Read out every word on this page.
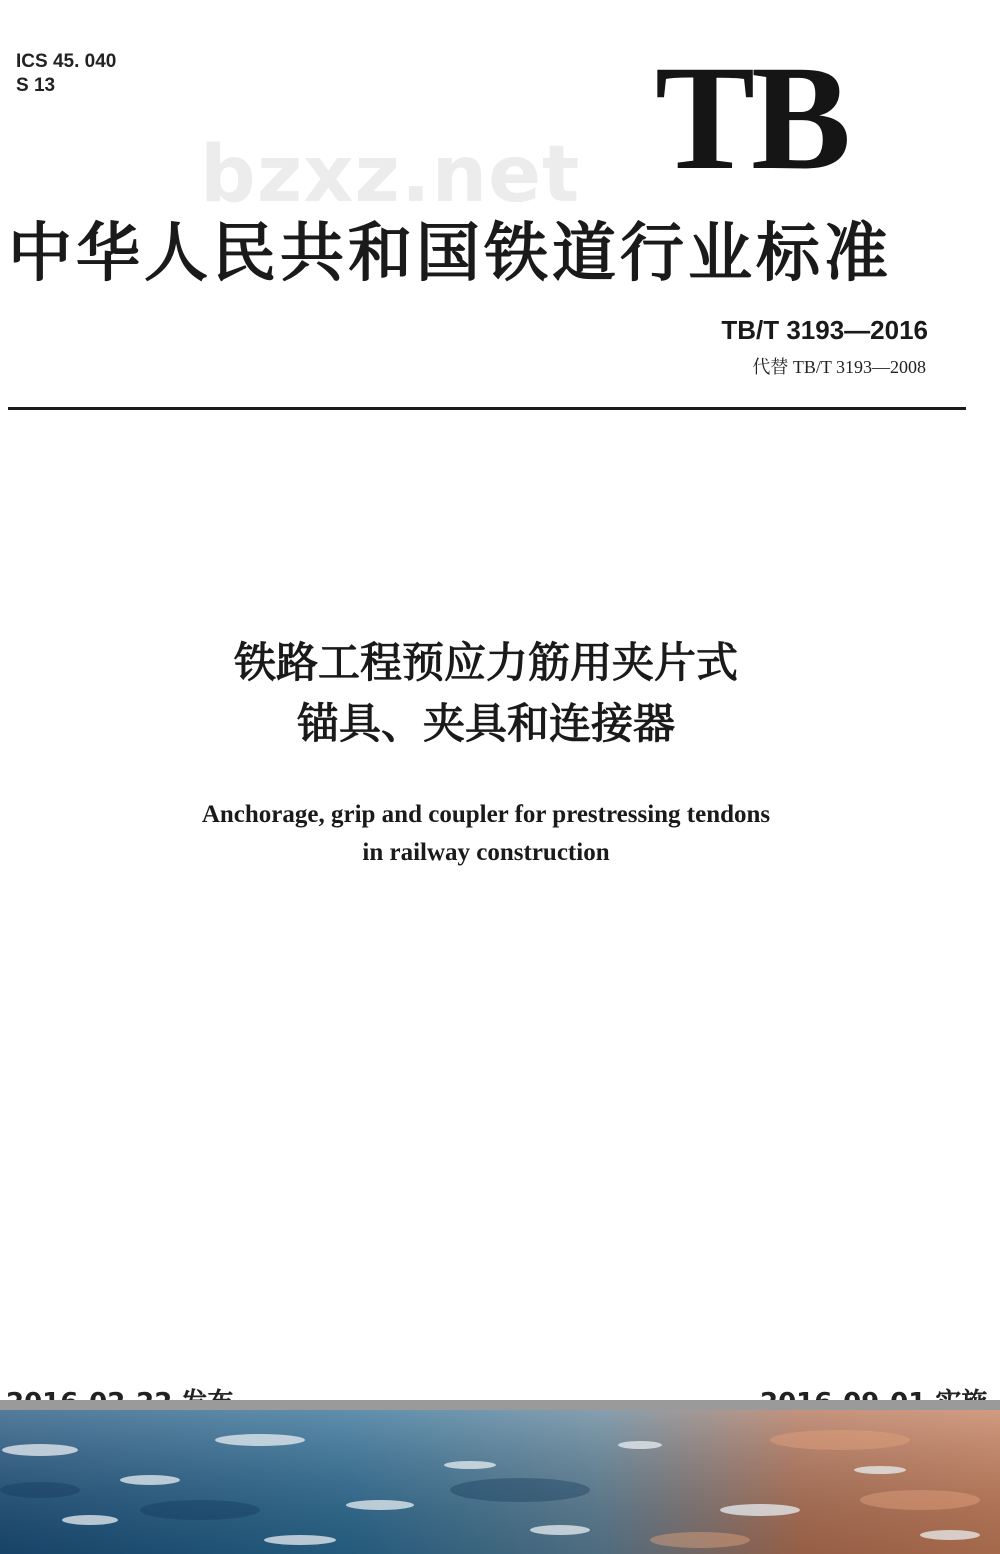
ICS 45. 040
S 13
bzxz.net TB
中华人民共和国铁道行业标准
TB/T 3193—2016
代替 TB/T 3193—2008
铁路工程预应力筋用夹片式
锚具、夹具和连接器
Anchorage, grip and coupler for prestressing tendons
in railway construction
